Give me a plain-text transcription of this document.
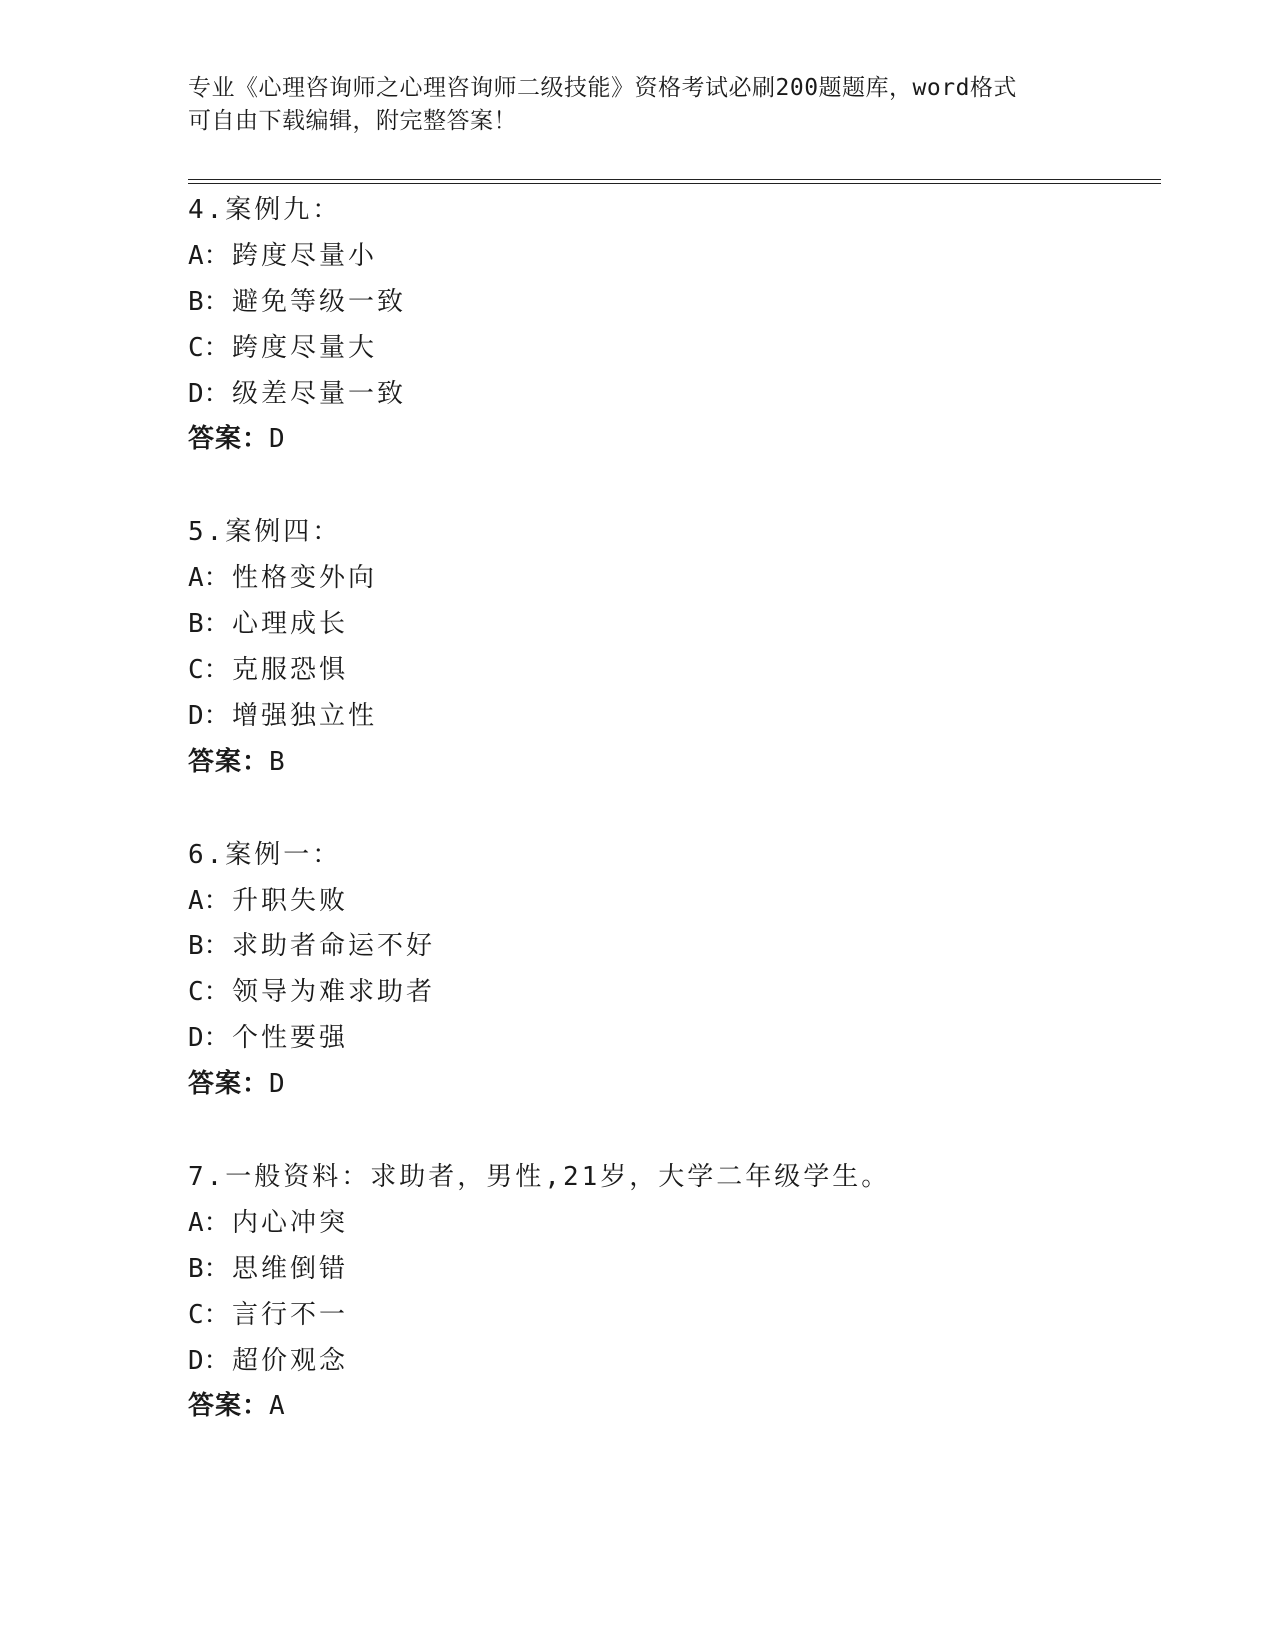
专业《心理咨询师之心理咨询师二级技能》资格考试必刷200题题库，word格式
可自由下载编辑，附完整答案！
4.案例九：
A：跨度尽量小
B：避免等级一致
C：跨度尽量大
D：级差尽量一致
答案：D
5.案例四：
A：性格变外向
B：心理成长
C：克服恐惧
D：增强独立性
答案：B
6.案例一：
A：升职失败
B：求助者命运不好
C：领导为难求助者
D：个性要强
答案：D
7.一般资料：求助者，男性,21岁，大学二年级学生。
A：内心冲突
B：思维倒错
C：言行不一
D：超价观念
答案：A
